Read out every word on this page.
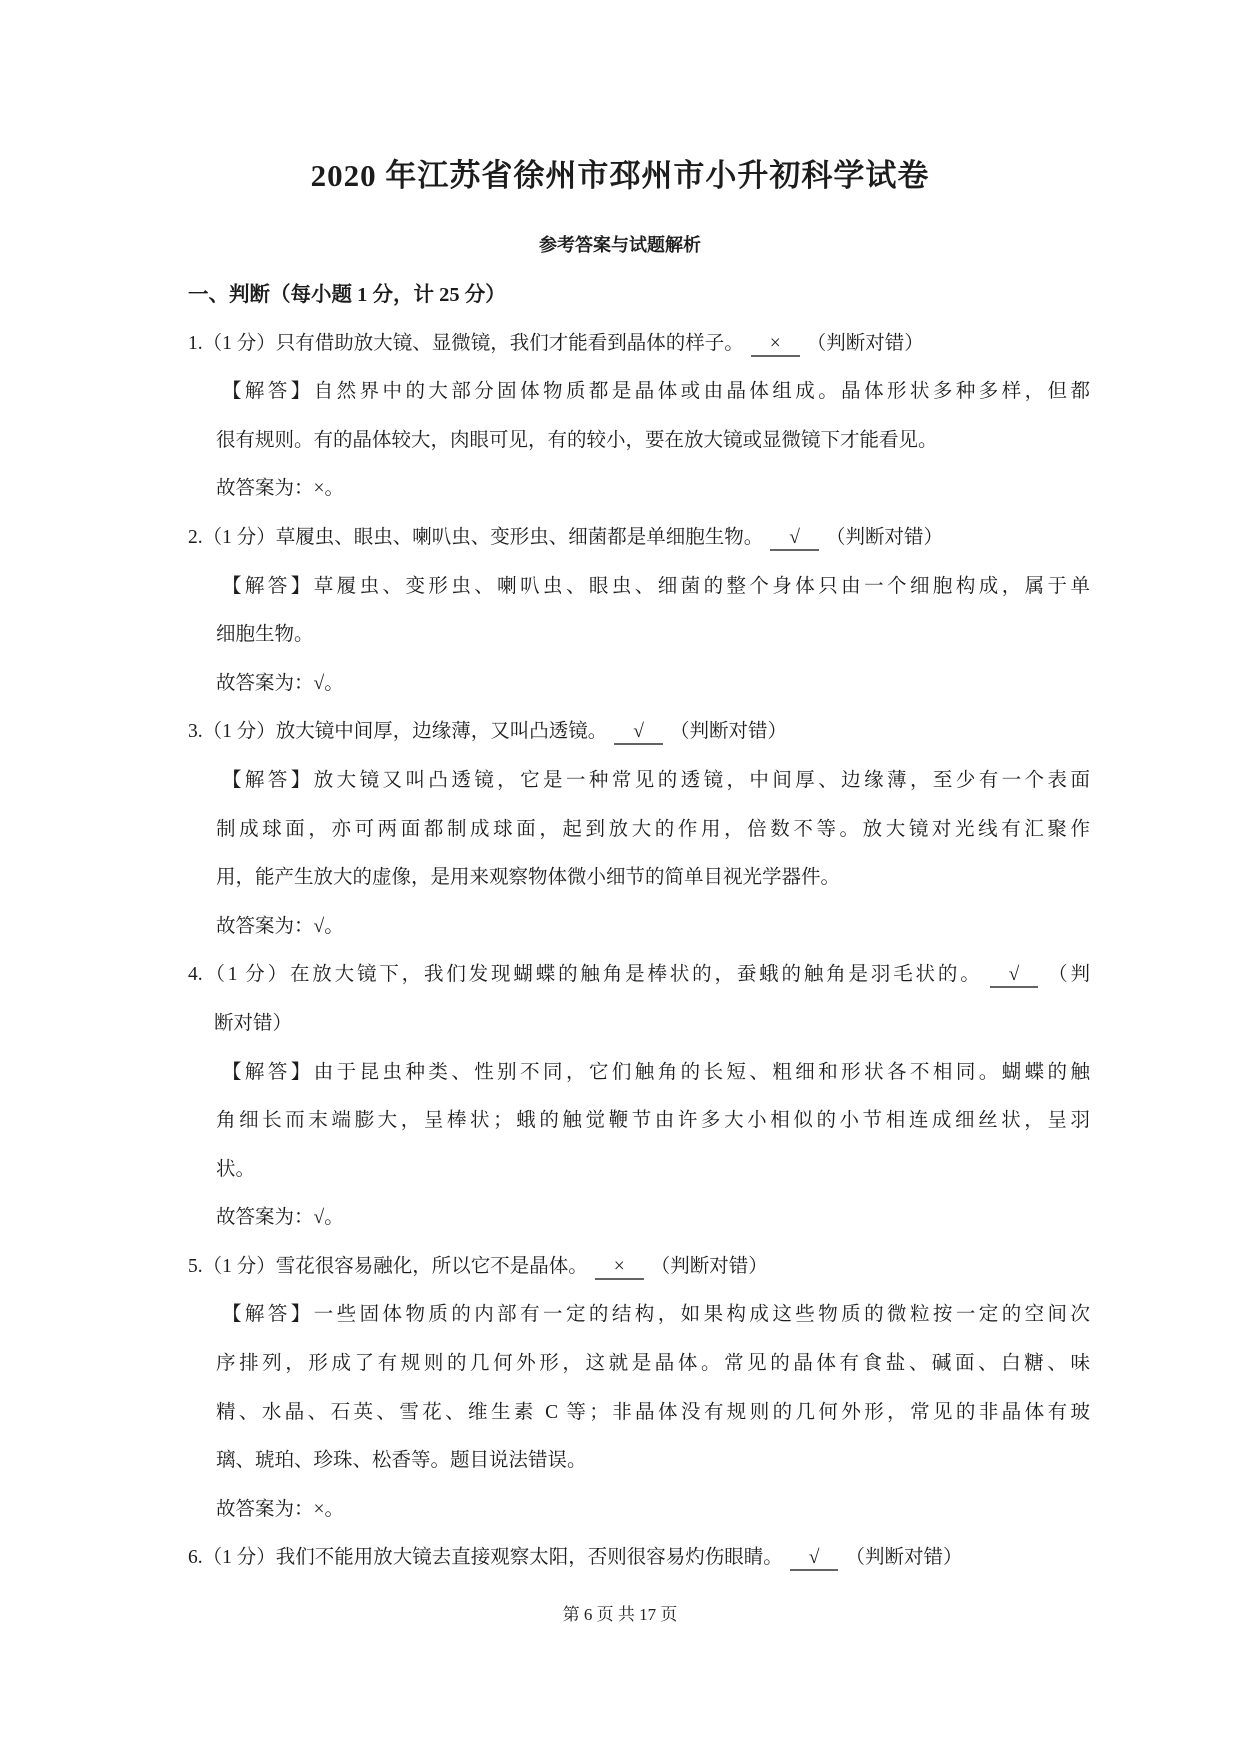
2020 年江苏省徐州市邳州市小升初科学试卷
参考答案与试题解析
一、判断（每小题 1 分，计 25 分）
1.（1 分）只有借助放大镜、显微镜，我们才能看到晶体的样子。 × （判断对错）
【解答】自然界中的大部分固体物质都是晶体或由晶体组成。晶体形状多种多样，但都
很有规则。有的晶体较大，肉眼可见，有的较小，要在放大镜或显微镜下才能看见。
故答案为：×。
2.（1 分）草履虫、眼虫、喇叭虫、变形虫、细菌都是单细胞生物。 √ （判断对错）
【解答】草履虫、变形虫、喇叭虫、眼虫、细菌的整个身体只由一个细胞构成，属于单
细胞生物。
故答案为：√。
3.（1 分）放大镜中间厚，边缘薄，又叫凸透镜。 √ （判断对错）
【解答】放大镜又叫凸透镜，它是一种常见的透镜，中间厚、边缘薄，至少有一个表面
制成球面，亦可两面都制成球面，起到放大的作用，倍数不等。放大镜对光线有汇聚作
用，能产生放大的虚像，是用来观察物体微小细节的简单目视光学器件。
故答案为：√。
4.（1 分）在放大镜下，我们发现蝴蝶的触角是棒状的，蚕蛾的触角是羽毛状的。 √ （判
断对错）
【解答】由于昆虫种类、性别不同，它们触角的长短、粗细和形状各不相同。蝴蝶的触
角细长而末端膨大，呈棒状；蛾的触觉鞭节由许多大小相似的小节相连成细丝状，呈羽
状。
故答案为：√。
5.（1 分）雪花很容易融化，所以它不是晶体。 × （判断对错）
【解答】一些固体物质的内部有一定的结构，如果构成这些物质的微粒按一定的空间次
序排列，形成了有规则的几何外形，这就是晶体。常见的晶体有食盐、碱面、白糖、味
精、水晶、石英、雪花、维生素 C 等；非晶体没有规则的几何外形，常见的非晶体有玻
璃、琥珀、珍珠、松香等。题目说法错误。
故答案为：×。
6.（1 分）我们不能用放大镜去直接观察太阳，否则很容易灼伤眼睛。 √ （判断对错）
第 6 页 共 17 页
